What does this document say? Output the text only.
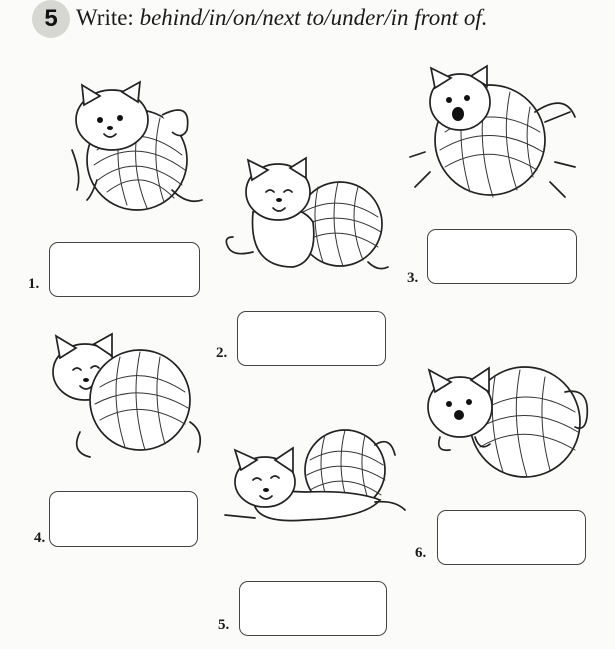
5 Write: behind/in/on/next to/under/in front of.
1.
2.
3.
4.
5.
6.
